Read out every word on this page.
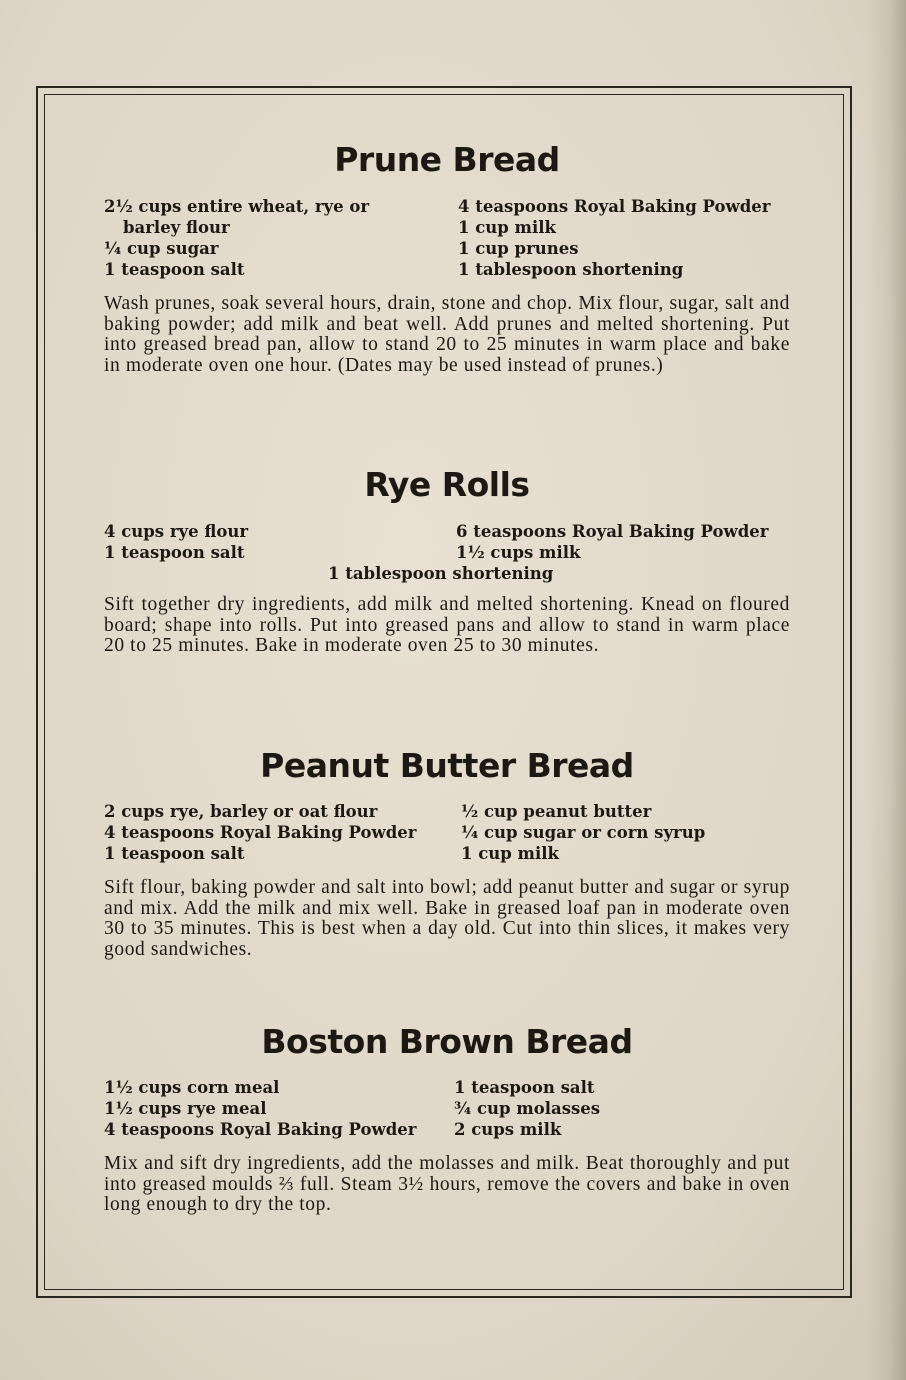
Prune Bread
2½ cups entire wheat, rye or
barley flour
¼ cup sugar
1 teaspoon salt
4 teaspoons Royal Baking Powder
1 cup milk
1 cup prunes
1 tablespoon shortening

Wash prunes, soak several hours, drain, stone and chop. Mix flour, sugar, salt and baking powder; add milk and beat well. Add prunes and melted shortening. Put into greased bread pan, allow to stand 20 to 25 minutes in warm place and bake in moderate oven one hour. (Dates may be used instead of prunes.)

Rye Rolls
4 cups rye flour
1 teaspoon salt
6 teaspoons Royal Baking Powder
1½ cups milk
1 tablespoon shortening

Sift together dry ingredients, add milk and melted shortening. Knead on floured board; shape into rolls. Put into greased pans and allow to stand in warm place 20 to 25 minutes. Bake in moderate oven 25 to 30 minutes.

Peanut Butter Bread
2 cups rye, barley or oat flour
4 teaspoons Royal Baking Powder
1 teaspoon salt
½ cup peanut butter
¼ cup sugar or corn syrup
1 cup milk

Sift flour, baking powder and salt into bowl; add peanut butter and sugar or syrup and mix. Add the milk and mix well. Bake in greased loaf pan in moderate oven 30 to 35 minutes. This is best when a day old. Cut into thin slices, it makes very good sandwiches.

Boston Brown Bread
1½ cups corn meal
1½ cups rye meal
4 teaspoons Royal Baking Powder
1 teaspoon salt
¾ cup molasses
2 cups milk

Mix and sift dry ingredients, add the molasses and milk. Beat thoroughly and put into greased moulds ⅔ full. Steam 3½ hours, remove the covers and bake in oven long enough to dry the top.
